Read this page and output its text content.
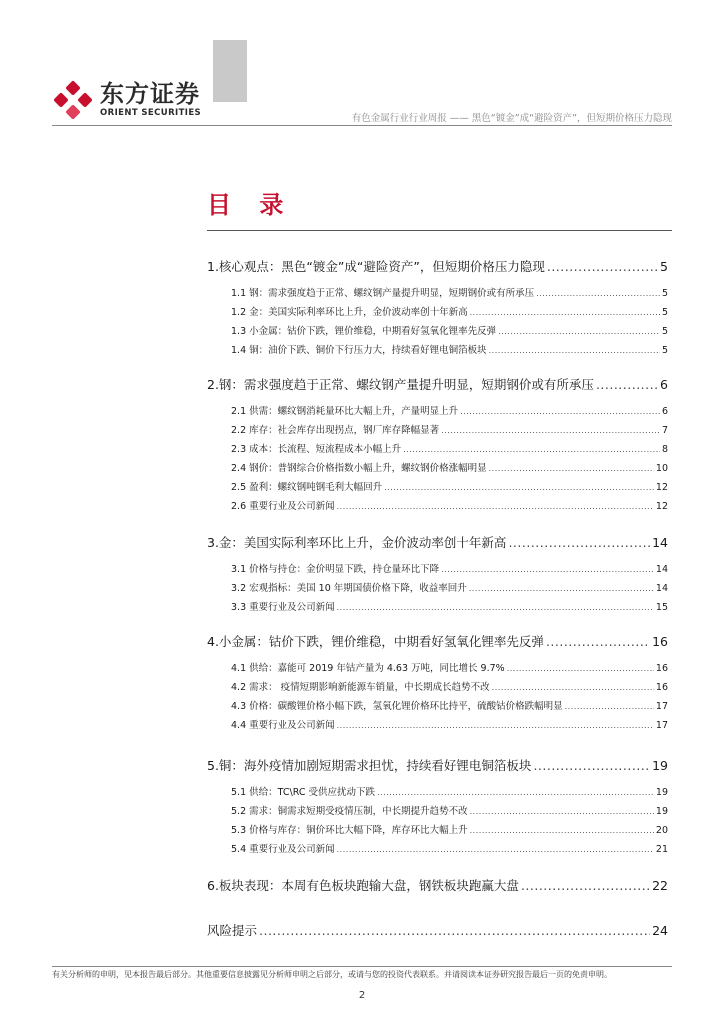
东方证券
ORIENT SECURITIES	有色金属行业行业周报 —— 黑色“镀金”成“避险资产”，但短期价格压力隐现
目 录
1.核心观点：黑色“镀金”成“避险资产”，但短期价格压力隐现 .....	5
1.1 钢：需求强度趋于正常、螺纹钢产量提升明显，短期钢价或有所承压 .....	5
1.2 金：美国实际利率环比上升，金价波动率创十年新高 .....	5
1.3 小金属：钴价下跌，锂价维稳，中期看好氢氧化锂率先反弹 .....	5
1.4 铜：油价下跌、铜价下行压力大，持续看好锂电铜箔板块 .....	5
2.钢：需求强度趋于正常、螺纹钢产量提升明显，短期钢价或有所承压 .....	6
2.1 供需：螺纹钢消耗量环比大幅上升，产量明显上升 .....	6
2.2 库存：社会库存出现拐点，钢厂库存降幅显著 .....	7
2.3 成本：长流程、短流程成本小幅上升 .....	8
2.4 钢价：普钢综合价格指数小幅上升，螺纹钢价格涨幅明显 .....	10
2.5 盈利：螺纹钢吨钢毛利大幅回升 .....	12
2.6 重要行业及公司新闻 .....	12
3.金：美国实际利率环比上升，金价波动率创十年新高 .....	14
3.1 价格与持仓：金价明显下跌，持仓量环比下降 .....	14
3.2 宏观指标：美国 10 年期国债价格下降，收益率回升 .....	14
3.3 重要行业及公司新闻 .....	15
4.小金属：钴价下跌，锂价维稳，中期看好氢氧化锂率先反弹 .....	16
4.1 供给：嘉能可 2019 年钴产量为 4.63 万吨，同比增长 9.7% .....	16
4.2 需求： 疫情短期影响新能源车销量，中长期成长趋势不改 .....	16
4.3 价格：碳酸锂价格小幅下跌，氢氧化锂价格环比持平，硫酸钴价格跌幅明显 .....	17
4.4 重要行业及公司新闻 .....	17
5.铜：海外疫情加剧短期需求担忧，持续看好锂电铜箔板块 .....	19
5.1 供给：TC\RC 受供应扰动下跌 .....	19
5.2 需求：铜需求短期受疫情压制，中长期提升趋势不改 .....	19
5.3 价格与库存：铜价环比大幅下降，库存环比大幅上升 .....	20
5.4 重要行业及公司新闻 .....	21
6.板块表现：本周有色板块跑输大盘，钢铁板块跑赢大盘 .....	22
风险提示 .....	24
有关分析师的申明，见本报告最后部分。其他重要信息披露见分析师申明之后部分，或请与您的投资代表联系。并请阅读本证券研究报告最后一页的免责申明。
2
